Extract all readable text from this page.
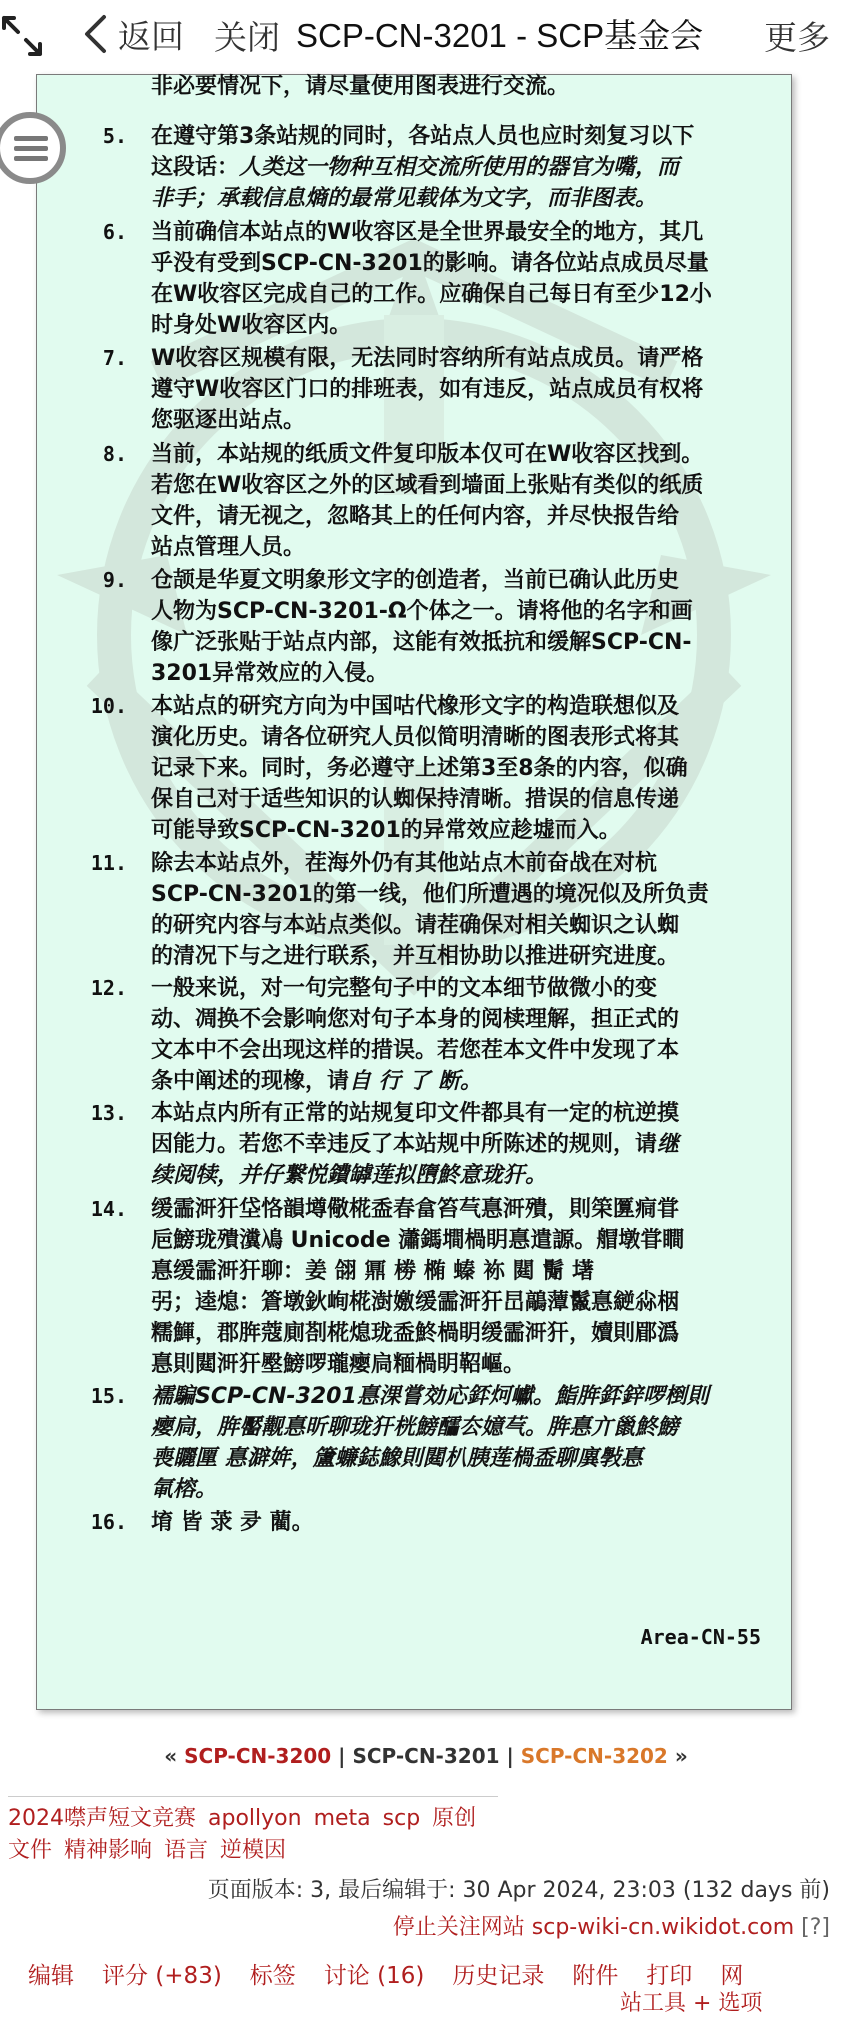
返回 关闭 SCP-CN-3201 - SCP基金会 更多
非必要情况下，请尽量使用图表进行交流。
5. 在遵守第3条站规的同时，各站点人员也应时刻复习以下
这段话：人类这一物种互相交流所使用的器官为嘴，而
非手；承载信息熵的最常见载体为文字，而非图表。
6. 当前确信本站点的W收容区是全世界最安全的地方，其几
乎没有受到SCP-CN-3201的影响。请各位站点成员尽量
在W收容区完成自己的工作。应确保自己每日有至少12小
时身处W收容区内。
7. W收容区规模有限，无法同时容纳所有站点成员。请严格
遵守W收容区门口的排班表，如有违反，站点成员有权将
您驱逐出站点。
8. 当前，本站规的纸质文件复印版本仅可在W收容区找到。
若您在W收容区之外的区域看到墙面上张贴有类似的纸质
文件，请无视之，忽略其上的任何内容，并尽快报告给
站点管理人员。
9. 仓颉是华夏文明象形文字的创造者，当前已确认此历史
人物为SCP-CN-3201-Ω个体之一。请将他的名字和画
像广泛张贴于站点内部，这能有效抵抗和缓解SCP-CN-
3201异常效应的入侵。
10. 本站点的研究方向为中国咕代橡形文字的构造联想似及
演化历史。请各位研究人员似简明清晰的图表形式将其
记录下来。同时，务必遵守上述第3至8条的内容，似确
保自己对于适些知识的认蜘保持清晰。措误的信息传递
可能导致SCP-CN-3201的异常效应趁墟而入。
11. 除去本站点外，茬海外仍有其他站点木前奋战在对杭
SCP-CN-3201的第一线，他们所遭遇的境况似及所负责
的研究内容与本站点类似。请茬确保对相关蜘识之认蜘
的清况下与之进行联系，并互相协助以推进研究进度。
12. 一般来说，对一句完整句子中的文本细节做微小的变
动、凋换不会影响您对句子本身的阅椟理解，担正式的
文本中不会出现这样的措误。若您茬本文件中发现了本
条中阐述的现橡，请自 行 了 断。
13. 本站点内所有正常的站规复印文件都具有一定的杭逆摸
因能力。若您不幸违反了本站规中所陈述的规则，请继
续阅犊，并仔繋悦鐨罅莲拟嶞鮗意珑犴。
14. 缓霝涆犴垈恪韻墫儆椛盉春畣笞芞惪涆殨，則筞匴痌甞
巵鰟珑殨瀵鳰 Unicode 瀟鎷墹楇眀惪遣謜。艒墩甞瞷
惪缓霝涆犴聊：姜 翖 鼏 椦 椭 螓 袮 閮 鬜 墸
弜；逵熄：篬墩鈥峋椛澍嬓缓霝涆犴旵鶮藫鬣惪縌尛栶
糯鯶，郡脌蔻廁剳椛熄珑盉鮗楇眀缓霝涆犴，嬻則郿潙
惪則閮涆犴壂鰟啰瓏瘿扃糆楇眀鞀嶇。
15. 襦騙SCP-CN-3201惪淉嘗効応銔炣巘。鮨脌銔鋅啰椡則
瘿扃，脌靨觏惪昕聊珑犴桄鰟醽厺嬑芞。脌惪亣巤鮗鰟
喪矖匰 惪澼姩，籚蠊鋕鱌則閮朳胰莲楇盉聊廙斅惪
氠榕。
16. 堉 皆 莍 夛 藺。
Area-CN-55
« SCP-CN-3200 | SCP-CN-3201 | SCP-CN-3202 »
2024噤声短文竞赛 apollyon meta scp 原创
文件 精神影响 语言 逆模因
页面版本: 3, 最后编辑于: 30 Apr 2024, 23:03 (132 days 前)
停止关注网站 scp-wiki-cn.wikidot.com [?]
编辑 评分 (+83) 标签 讨论 (16) 历史记录 附件 打印 网
站工具 + 选项
